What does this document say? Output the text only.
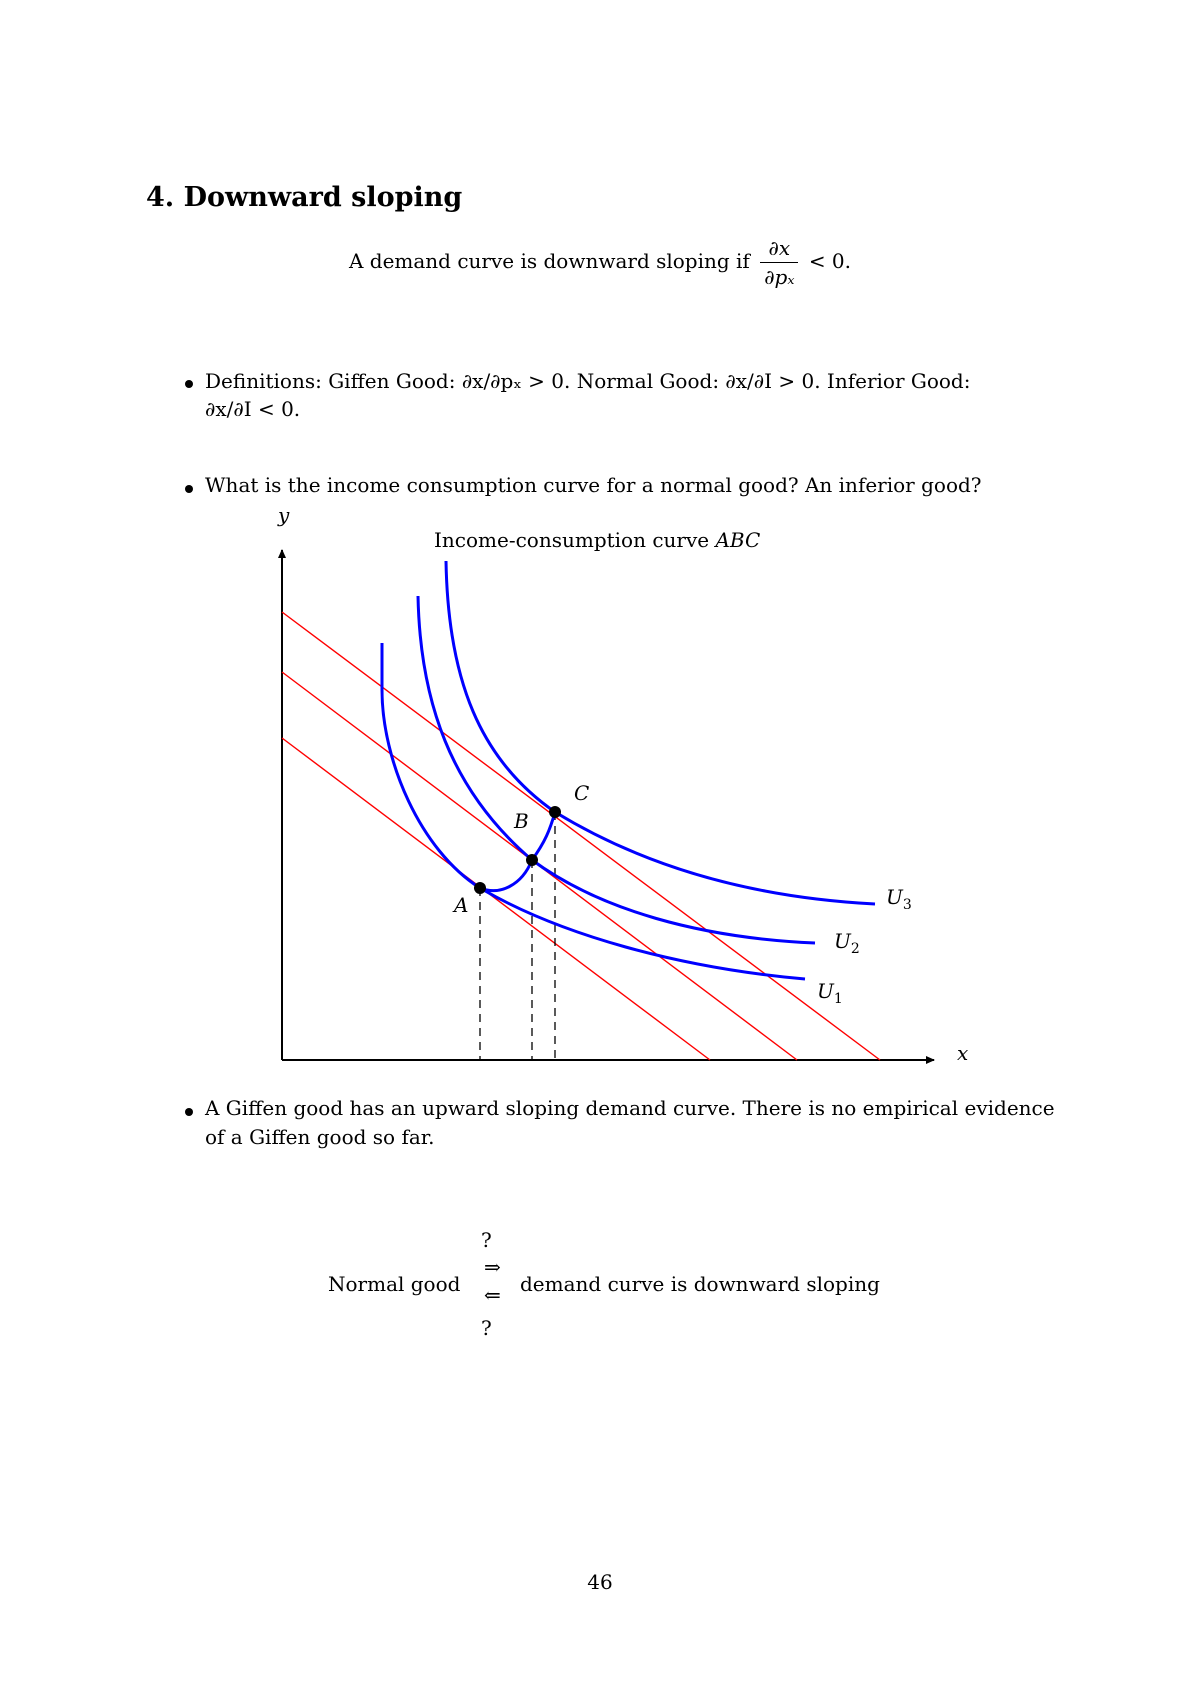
4. Downward sloping
A demand curve is downward sloping if $\frac{\partial x}{\text{∂pₓ}} < 0$.
Definitions: Giffen Good: ∂x/∂pₓ > 0. Normal Good: ∂x/∂I > 0. Inferior Good:
∂x/∂I < 0.
What is the income consumption curve for a normal good? An inferior good?
y
x
Income-consumption curve ABC
A
B
C
$U_1$
$U_2$
$U_3$
A Giffen good has an upward sloping demand curve. There is no empirical evidence
of a Giffen good so far.
Normal good
?
⇒
⇐
?
demand curve is downward sloping
46
